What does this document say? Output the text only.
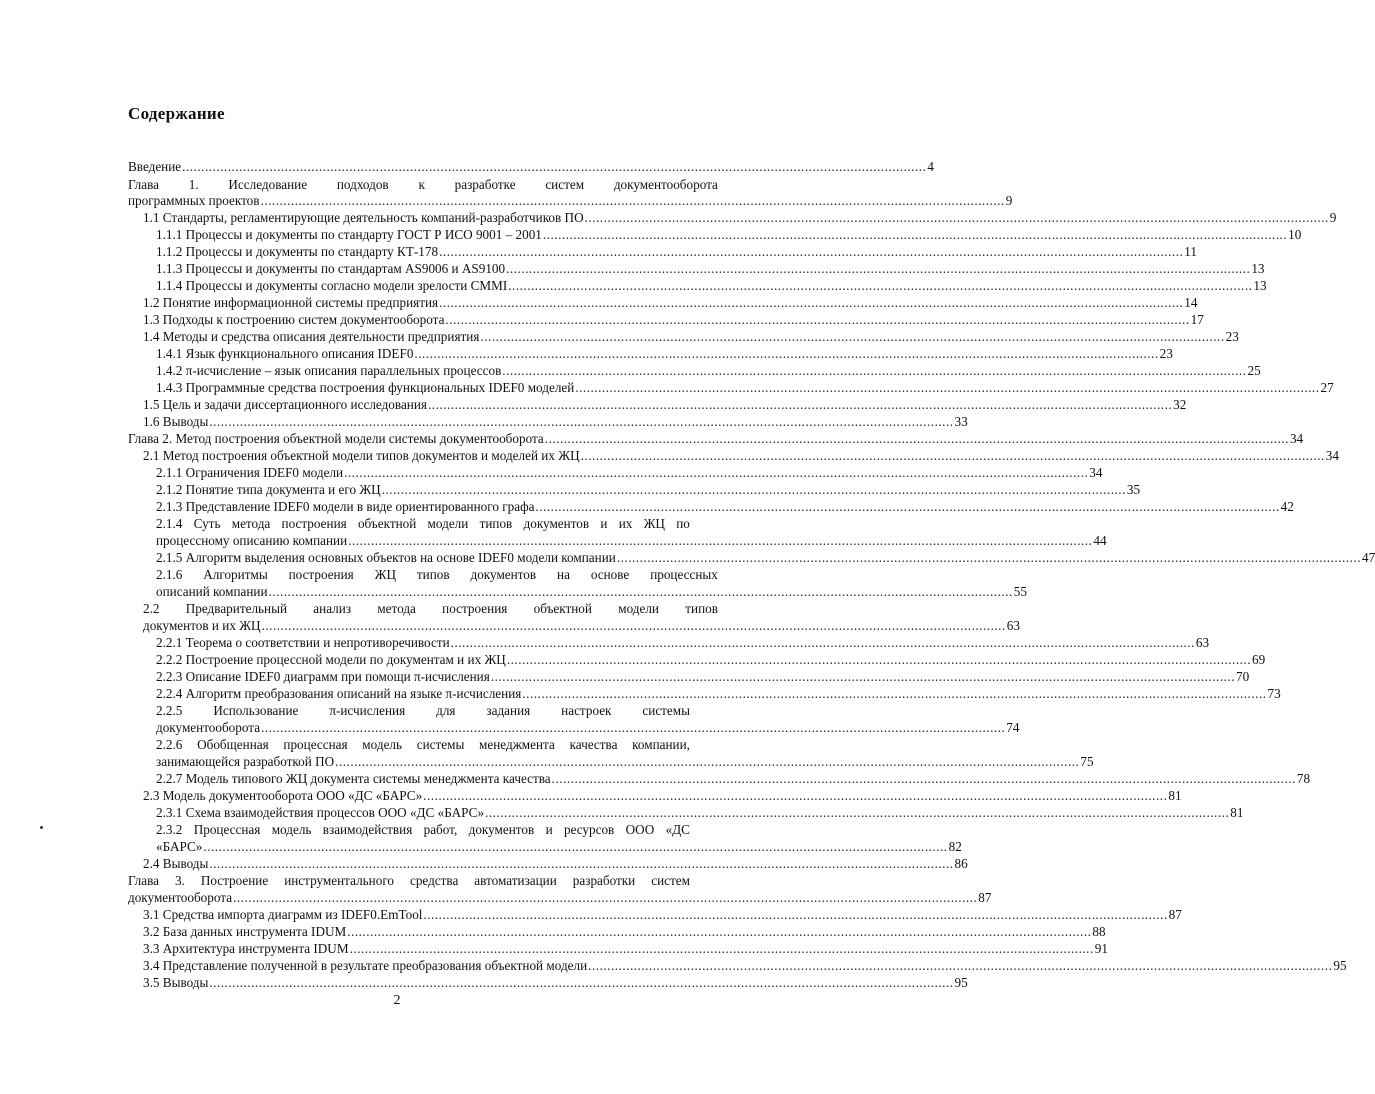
Содержание
Введение .................................................................................................................................................................................................... 4
Глава 1. Исследование подходов к разработке систем документооборота
программных проектов .................................................................................................................................................................................................... 9
1.1 Стандарты, регламентирующие деятельность компаний-разработчиков ПО .................................................................................................................................................................................................... 9
1.1.1 Процессы и документы по стандарту ГОСТ Р ИСО 9001 – 2001 .................................................................................................................................................................................................... 10
1.1.2 Процессы и документы по стандарту КТ-178 .................................................................................................................................................................................................... 11
1.1.3 Процессы и документы по стандартам AS9006 и AS9100 .................................................................................................................................................................................................... 13
1.1.4 Процессы и документы согласно модели зрелости CMMI .................................................................................................................................................................................................... 13
1.2 Понятие информационной системы предприятия .................................................................................................................................................................................................... 14
1.3 Подходы к построению систем документооборота .................................................................................................................................................................................................... 17
1.4 Методы и средства описания деятельности предприятия .................................................................................................................................................................................................... 23
1.4.1 Язык функционального описания IDEF0 .................................................................................................................................................................................................... 23
1.4.2 π-исчисление – язык описания параллельных процессов .................................................................................................................................................................................................... 25
1.4.3 Программные средства построения функциональных IDEF0 моделей .................................................................................................................................................................................................... 27
1.5 Цель и задачи диссертационного исследования .................................................................................................................................................................................................... 32
1.6 Выводы .................................................................................................................................................................................................... 33
Глава 2. Метод построения объектной модели системы документооборота .................................................................................................................................................................................................... 34
2.1 Метод построения объектной модели типов документов и моделей их ЖЦ .................................................................................................................................................................................................... 34
2.1.1 Ограничения IDEF0 модели .................................................................................................................................................................................................... 34
2.1.2 Понятие типа документа и его ЖЦ .................................................................................................................................................................................................... 35
2.1.3 Представление IDEF0 модели в виде ориентированного графа .................................................................................................................................................................................................... 42
2.1.4 Суть метода построения объектной модели типов документов и их ЖЦ по
процессному описанию компании .................................................................................................................................................................................................... 44
2.1.5 Алгоритм выделения основных объектов на основе IDEF0 модели компании .................................................................................................................................................................................................... 47
2.1.6 Алгоритмы построения ЖЦ типов документов на основе процессных
описаний компании .................................................................................................................................................................................................... 55
2.2 Предварительный анализ метода построения объектной модели типов
документов и их ЖЦ .................................................................................................................................................................................................... 63
2.2.1 Теорема о соответствии и непротиворечивости .................................................................................................................................................................................................... 63
2.2.2 Построение процессной модели по документам и их ЖЦ .................................................................................................................................................................................................... 69
2.2.3 Описание IDEF0 диаграмм при помощи π-исчисления .................................................................................................................................................................................................... 70
2.2.4 Алгоритм преобразования описаний на языке π-исчисления .................................................................................................................................................................................................... 73
2.2.5 Использование π-исчисления для задания настроек системы
документооборота .................................................................................................................................................................................................... 74
2.2.6 Обобщенная процессная модель системы менеджмента качества компании,
занимающейся разработкой ПО .................................................................................................................................................................................................... 75
2.2.7 Модель типового ЖЦ документа системы менеджмента качества .................................................................................................................................................................................................... 78
2.3 Модель документооборота ООО «ДС «БАРС» .................................................................................................................................................................................................... 81
2.3.1 Схема взаимодействия процессов ООО «ДС «БАРС» .................................................................................................................................................................................................... 81
2.3.2 Процессная модель взаимодействия работ, документов и ресурсов ООО «ДС
«БАРС» .................................................................................................................................................................................................... 82
2.4 Выводы .................................................................................................................................................................................................... 86
Глава 3. Построение инструментального средства автоматизации разработки систем
документооборота .................................................................................................................................................................................................... 87
3.1 Средства импорта диаграмм из IDEF0.EmTool .................................................................................................................................................................................................... 87
3.2 База данных инструмента IDUM .................................................................................................................................................................................................... 88
3.3 Архитектура инструмента IDUM .................................................................................................................................................................................................... 91
3.4 Представление полученной в результате преобразования объектной модели .................................................................................................................................................................................................... 95
3.5 Выводы .................................................................................................................................................................................................... 95
2
